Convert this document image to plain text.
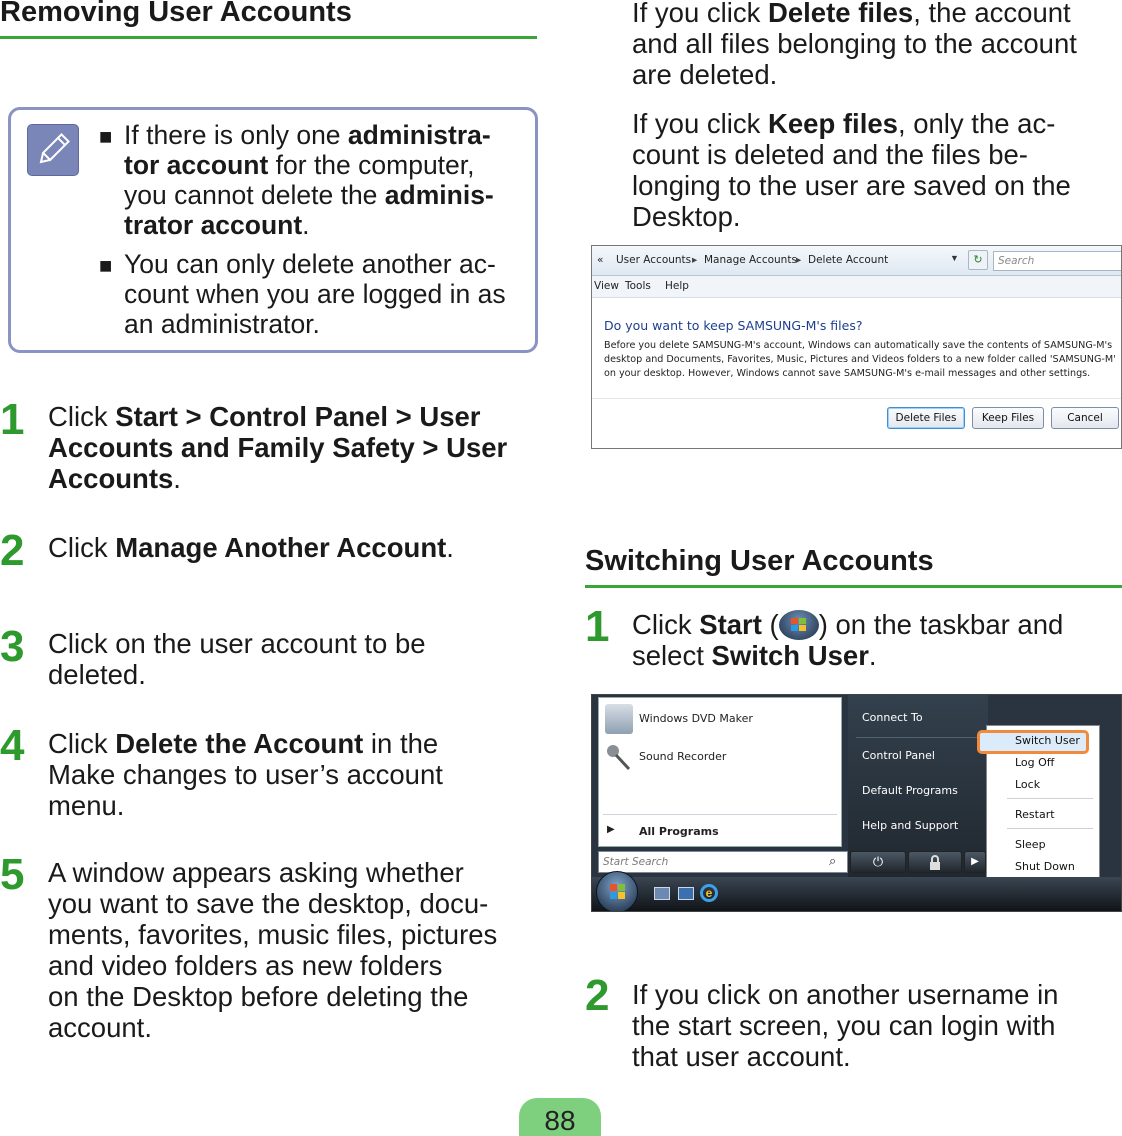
Removing User Accounts
■ If there is only one administra-
tor account for the computer,
you cannot delete the adminis-
trator account.
■ You can only delete another ac-
count when you are logged in as
an administrator.
1 Click Start > Control Panel > User
Accounts and Family Safety > User
Accounts.
2 Click Manage Another Account.
3 Click on the user account to be
deleted.
4 Click Delete the Account in the
Make changes to user’s account
menu.
5 A window appears asking whether
you want to save the desktop, docu-
ments, favorites, music files, pictures
and video folders as new folders
on the Desktop before deleting the
account.
If you click Delete files, the account
and all files belonging to the account
are deleted.
If you click Keep files, only the ac-
count is deleted and the files be-
longing to the user are saved on the
Desktop.
« User Accounts ▸ Manage Accounts ▸ Delete Account	▼	↻	Search
View Tools Help
Do you want to keep SAMSUNG-M's files?
Before you delete SAMSUNG-M's account, Windows can automatically save the contents of SAMSUNG-M's
desktop and Documents, Favorites, Music, Pictures and Videos folders to a new folder called 'SAMSUNG-M'
on your desktop. However, Windows cannot save SAMSUNG-M's e-mail messages and other settings.
Delete Files	Keep Files	Cancel
Switching User Accounts
1 Click Start ( ) on the taskbar and
select Switch User.
Windows DVD Maker
Sound Recorder
▶ All Programs
Start Search	⌕
Connect To
Control Panel
Default Programs
Help and Support
⏻	▶
Switch User
Log Off
Lock
Restart
Sleep
Shut Down
e
2 If you click on another username in
the start screen, you can login with
that user account.
88
